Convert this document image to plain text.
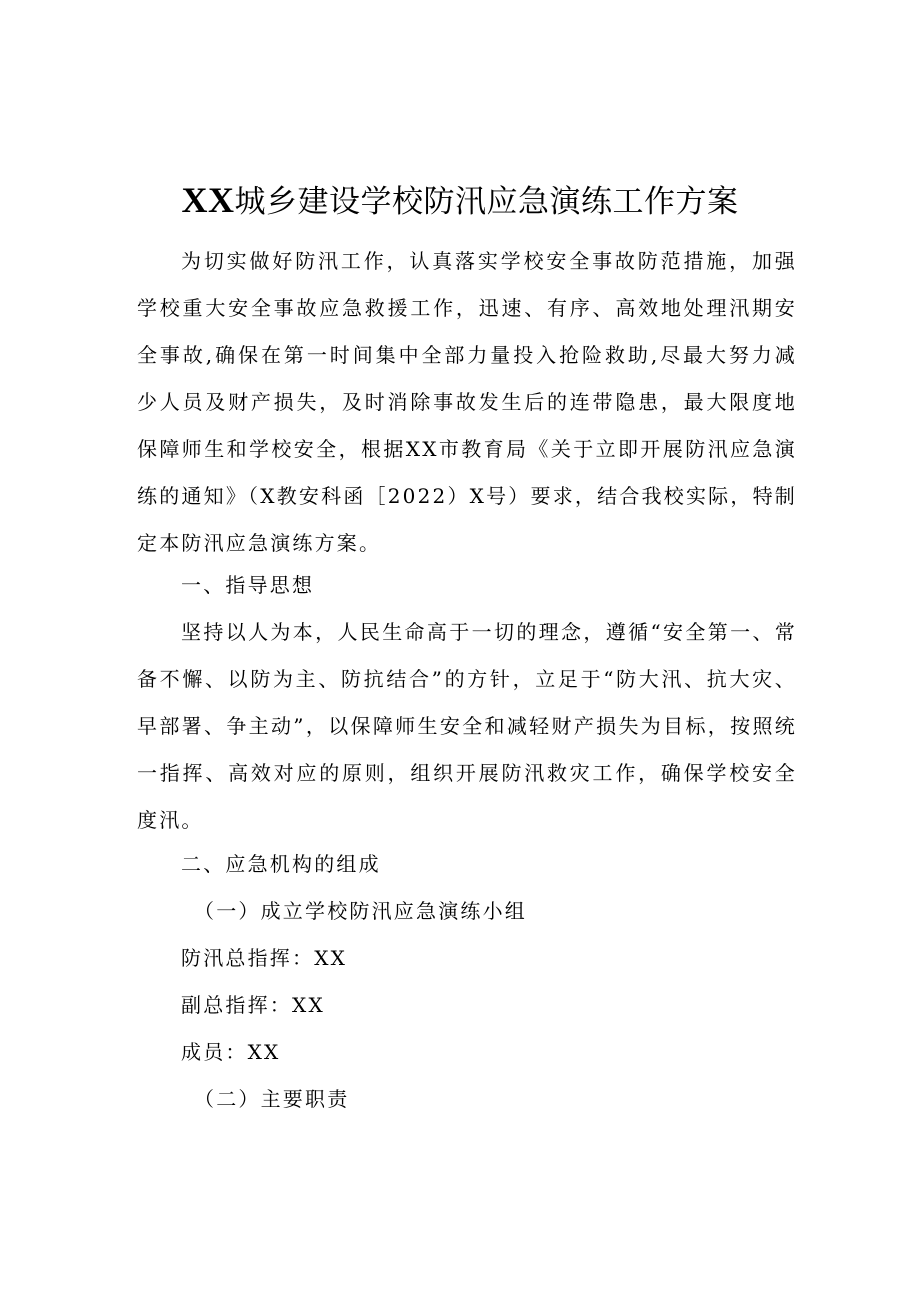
XX城乡建设学校防汛应急演练工作方案

为切实做好防汛工作，认真落实学校安全事故防范措施，加强学校重大安全事故应急救援工作，迅速、有序、高效地处理汛期安全事故,确保在第一时间集中全部力量投入抢险救助,尽最大努力减少人员及财产损失，及时消除事故发生后的连带隐患，最大限度地保障师生和学校安全，根据XX市教育局《关于立即开展防汛应急演练的通知》（X教安科函［2022）X号）要求，结合我校实际，特制定本防汛应急演练方案。

一、指导思想

坚持以人为本，人民生命高于一切的理念，遵循“安全第一、常备不懈、以防为主、防抗结合”的方针，立足于“防大汛、抗大灾、早部署、争主动”，以保障师生安全和减轻财产损失为目标，按照统一指挥、高效对应的原则，组织开展防汛救灾工作，确保学校安全度汛。

二、应急机构的组成

（一）成立学校防汛应急演练小组

防汛总指挥：XX

副总指挥：XX

成员：XX

（二）主要职责
